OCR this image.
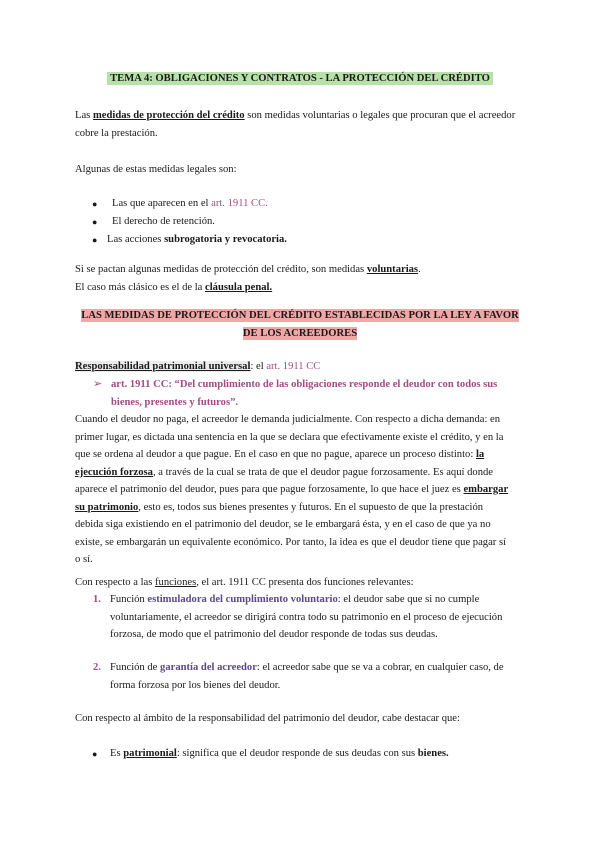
TEMA 4: OBLIGACIONES Y CONTRATOS - LA PROTECCIÓN DEL CRÉDITO

Las medidas de protección del crédito son medidas voluntarias o legales que procuran que el acreedor

cobre la prestación.

Algunas de estas medidas legales son:

● Las que aparecen en el art. 1911 CC.

● El derecho de retención.

● Las acciones subrogatoria y revocatoria.

Si se pactan algunas medidas de protección del crédito, son medidas voluntarias.

El caso más clásico es el de la cláusula penal.

LAS MEDIDAS DE PROTECCIÓN DEL CRÉDITO ESTABLECIDAS POR LA LEY A FAVOR
DE LOS ACREEDORES

Responsabilidad patrimonial universal: el art. 1911 CC

➢ art. 1911 CC: “Del cumplimiento de las obligaciones responde el deudor con todos sus

bienes, presentes y futuros”.

Cuando el deudor no paga, el acreedor le demanda judicialmente. Con respecto a dicha demanda: en

primer lugar, es dictada una sentencia en la que se declara que efectivamente existe el crédito, y en la

que se ordena al deudor a que pague. En el caso en que no pague, aparece un proceso distinto: la

ejecución forzosa, a través de la cual se trata de que el deudor pague forzosamente. Es aquí donde

aparece el patrimonio del deudor, pues para que pague forzosamente, lo que hace el juez es embargar

su patrimonio, esto es, todos sus bienes presentes y futuros. En el supuesto de que la prestación

debida siga existiendo en el patrimonio del deudor, se le embargará ésta, y en el caso de que ya no

existe, se embargarán un equivalente económico. Por tanto, la idea es que el deudor tiene que pagar sí

o sí.

Con respecto a las funciones, el art. 1911 CC presenta dos funciones relevantes:

1. Función estimuladora del cumplimiento voluntario: el deudor sabe que si no cumple

voluntariamente, el acreedor se dirigirá contra todo su patrimonio en el proceso de ejecución

forzosa, de modo que el patrimonio del deudor responde de todas sus deudas.

2. Función de garantía del acreedor: el acreedor sabe que se va a cobrar, en cualquier caso, de

forma forzosa por los bienes del deudor.

Con respecto al ámbito de la responsabilidad del patrimonio del deudor, cabe destacar que:

● Es patrimonial: significa que el deudor responde de sus deudas con sus bienes.
